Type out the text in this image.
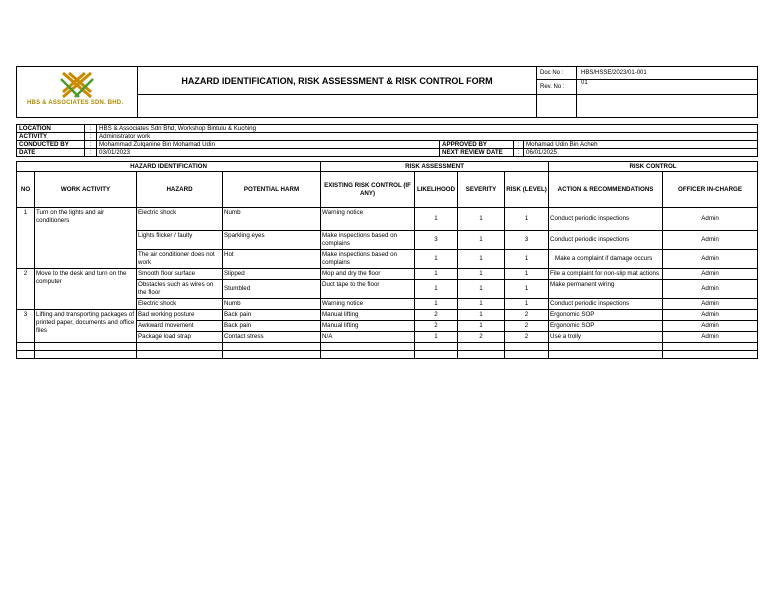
HBS & ASSOCIATES SDN. BHD.	HAZARD IDENTIFICATION, RISK ASSESSMENT & RISK CONTROL FORM	Doc No :	HBS/HSSE/2023/01-001
		Rev. No :	01

LOCATION	:	HBS & Associates Sdn Bhd, Workshop Bintulu & Kuching			
ACTIVITY	:	Administrator work			
CONDUCTED BY	:	Mohammad Zulqanine Bin Mohamad Udin	APPROVED BY	:	Mohamad Udin Bin Acheh
DATE	:	03/01/2023	NEXT REVIEW DATE	:	06/01/2025
HAZARD IDENTIFICATION				RISK ASSESSMENT				RISK CONTROL	
NO	WORK ACTIVITY	HAZARD	POTENTIAL HARM	EXISTING RISK CONTROL (IF ANY)	LIKELIHOOD	SEVERITY	RISK (LEVEL)	ACTION & RECOMMENDATIONS	OFFICER IN-CHARGE
1	Turn on the lights and air conditioners	Electric shock	Numb	Warning notice	1	1	1	Conduct periodic inspections	Admin
		Lights flicker / faulty	Sparkling eyes	Make inspections based on complains	3	1	3	Conduct periodic inspections	Admin
		The air conditioner does not work	Hot	Make inspections based on complains	1	1	1	Make a complaint if damage occurs	Admin
2	Move to the desk and turn on the computer	Smooth floor surface	Slipped	Mop and dry the floor	1	1	1	File a complaint for non-slip mat actions	Admin
		Obstacles such as wires on the floor	Stumbled	Duct tape to the floor	1	1	1	Make permanent wiring	Admin
		Electric shock	Numb	Warning notice	1	1	1	Conduct periodic inspections	Admin
3	Lifting and transporting packages of printed paper, documents and office files	Bad working posture	Back pain	Manual lifting	2	1	2	Ergonomic SOP	Admin
		Awkward movement	Back pain	Manual lifting	2	1	2	Ergonomic SOP	Admin
		Package load strap	Contact stress	N/A	1	2	2	Use a trolly	Admin
